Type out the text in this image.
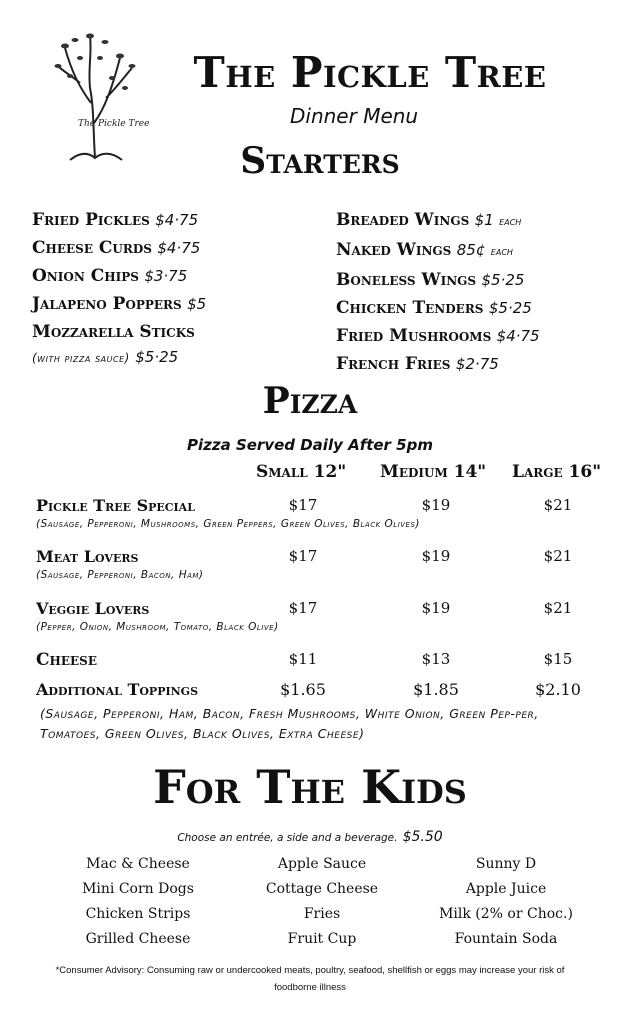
The Pickle Tree
The Pickle Tree
Dinner Menu
Starters
Fried Pickles $4·75
Cheese Curds $4·75
Onion Chips $3·75
Jalapeno Poppers $5
Mozzarella Sticks
(with pizza sauce) $5·25
Breaded Wings $1 each
Naked Wings 85¢ each
Boneless Wings $5·25
Chicken Tenders $5·25
Fried Mushrooms $4·75
French Fries $2·75
Pizza
Pizza Served Daily After 5pm
Small 12" Medium 14" Large 16"
Pickle Tree Special
(Sausage, Pepperoni, Mushrooms, Green Peppers, Green Olives, Black Olives)
$17	$19	$21
Meat Lovers
(Sausage, Pepperoni, Bacon, Ham)
$17	$19	$21
Veggie Lovers
(Pepper, Onion, Mushroom, Tomato, Black Olive)
$17	$19	$21
Cheese	$11	$13	$15
Additional Toppings	$1.65	$1.85	$2.10
(Sausage, Pepperoni, Ham, Bacon, Fresh Mushrooms, White Onion, Green Pep-per, Tomatoes, Green Olives, Black Olives, Extra Cheese)
For The Kids
Choose an entrée, a side and a beverage. $5.50
Mac & Cheese
Mini Corn Dogs
Chicken Strips
Grilled Cheese
Apple Sauce
Cottage Cheese
Fries
Fruit Cup
Sunny D
Apple Juice
Milk (2% or Choc.)
Fountain Soda
*Consumer Advisory: Consuming raw or undercooked meats, poultry, seafood, shellfish or eggs may increase your risk of foodborne illness
